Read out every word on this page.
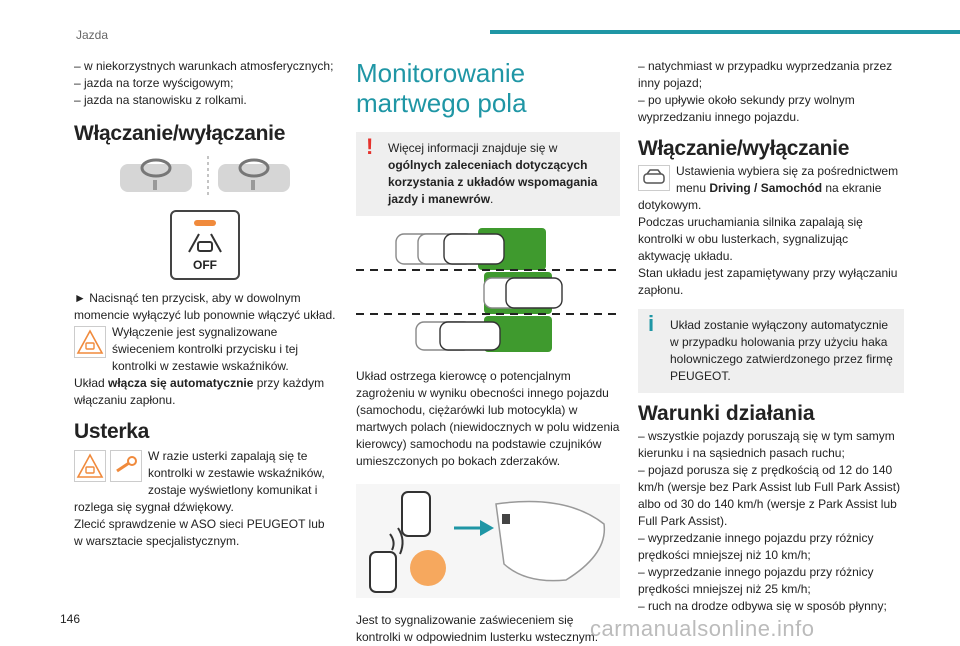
Jazda

– w niekorzystnych warunkach atmosferycznych;

– jazda na torze wyścigowym;

– jazda na stanowisku z rolkami.

Włączanie/wyłączanie
OFF

► Nacisnąć ten przycisk, aby w dowolnym momencie wyłączyć lub ponownie włączyć układ.

Wyłączenie jest sygnalizowane świeceniem kontrolki przycisku i tej kontrolki w zestawie wskaźników.

Układ włącza się automatycznie przy każdym włączaniu zapłonu.

Usterka

W razie usterki zapalają się te kontrolki w zestawie wskaźników, zostaje wyświetlony komunikat i rozlega się sygnał dźwiękowy.

Zlecić sprawdzenie w ASO sieci PEUGEOT lub w warsztacie specjalistycznym.

Monitorowanie martwego pola
!	Więcej informacji znajduje się w ogólnych zaleceniach dotyczących korzystania z układów wspomagania jazdy i manewrów.

Układ ostrzega kierowcę o potencjalnym zagrożeniu w wyniku obecności innego pojazdu (samochodu, ciężarówki lub motocykla) w martwych polach (niewidocznych w polu widzenia kierowcy) samochodu na podstawie czujników umieszczonych po bokach zderzaków.

Jest to sygnalizowanie zaświeceniem się kontrolki w odpowiednim lusterku wstecznym:

– natychmiast w przypadku wyprzedzania przez inny pojazd;

– po upływie około sekundy przy wolnym wyprzedzaniu innego pojazdu.

Włączanie/wyłączanie

Ustawienia wybiera się za pośrednictwem menu Driving / Samochód na ekranie dotykowym.

Podczas uruchamiania silnika zapalają się kontrolki w obu lusterkach, sygnalizując aktywację układu.

Stan układu jest zapamiętywany przy wyłączaniu zapłonu.

i	Układ zostanie wyłączony automatycznie w przypadku holowania przy użyciu haka holowniczego zatwierdzonego przez firmę PEUGEOT.
Warunki działania

– wszystkie pojazdy poruszają się w tym samym kierunku i na sąsiednich pasach ruchu;

– pojazd porusza się z prędkością od 12 do 140 km/h (wersje bez Park Assist lub Full Park Assist) albo od 30 do 140 km/h (wersje z Park Assist lub Full Park Assist).

– wyprzedzanie innego pojazdu przy różnicy prędkości mniejszej niż 10 km/h;

– wyprzedzanie innego pojazdu przy różnicy prędkości mniejszej niż 25 km/h;

– ruch na drodze odbywa się w sposób płynny;

146	carmanualsonline.info
